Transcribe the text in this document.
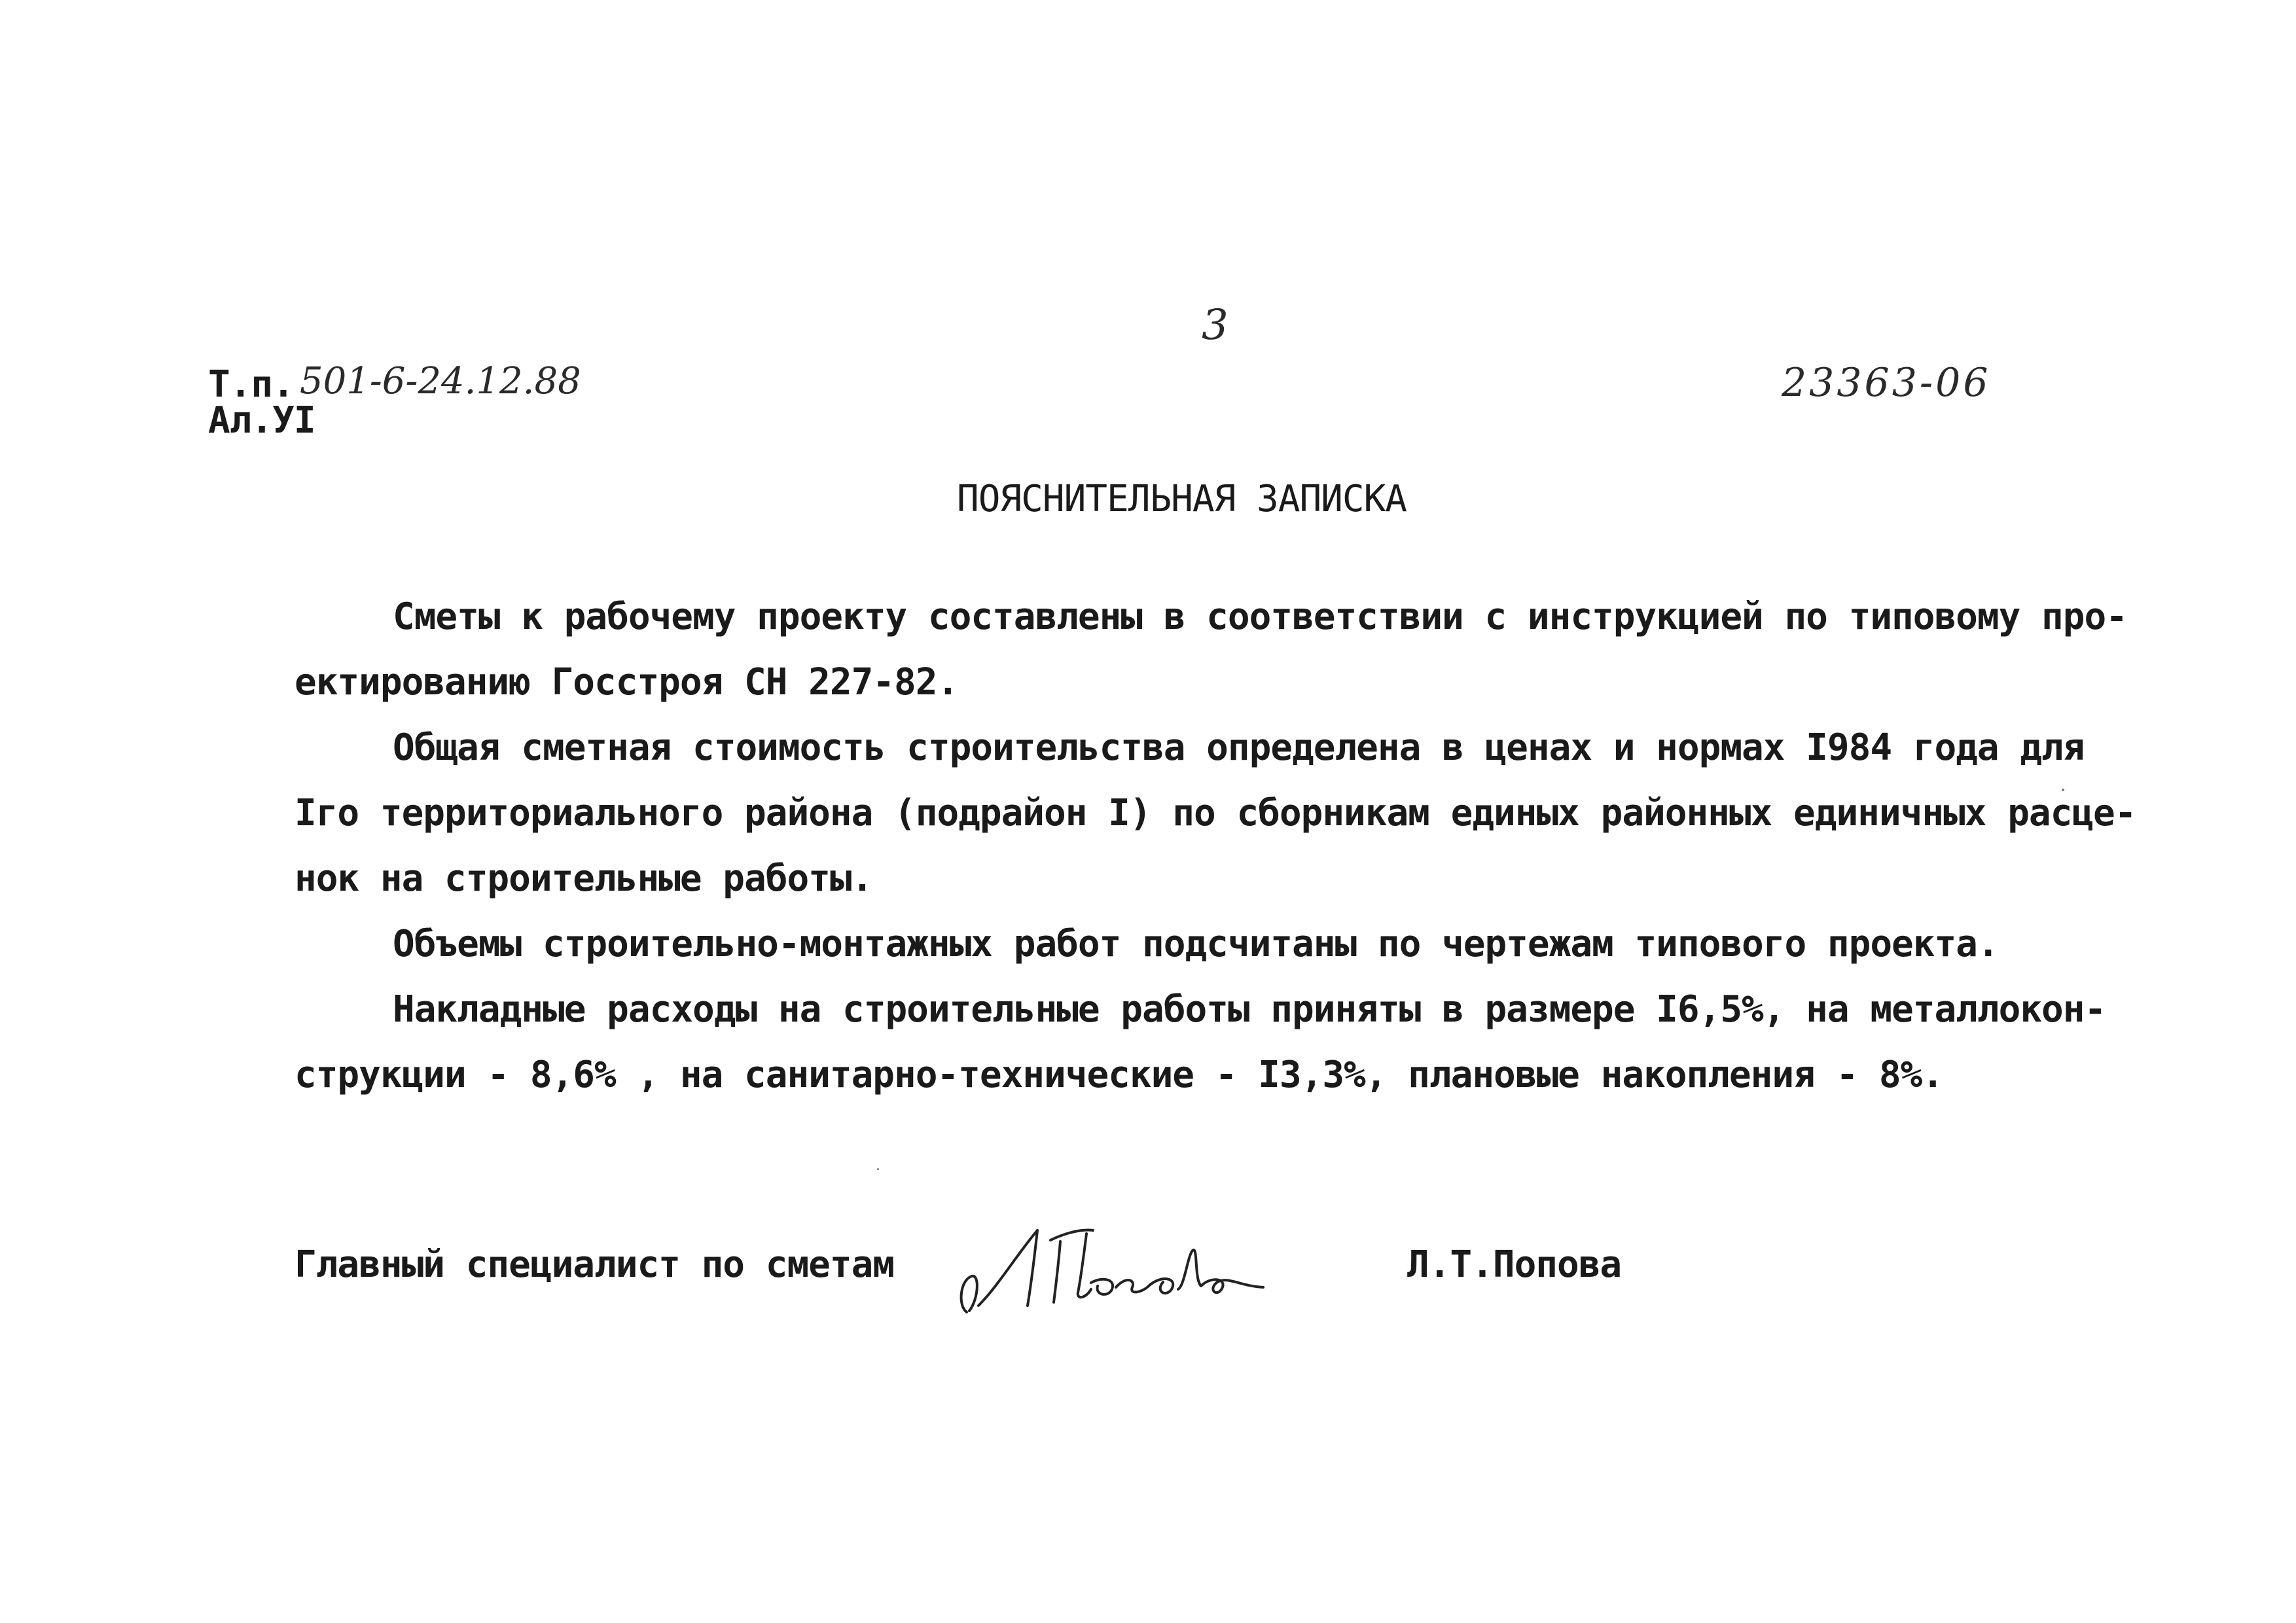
3
Т.п. 501-6-24.12.88
Ал.УI
23363-06
ПОЯСНИТЕЛЬНАЯ ЗАПИСКА
Сметы к рабочему проекту составлены в соответствии с инструкцией по типовому про-
ектированию Госстроя СН 227-82.
Общая сметная стоимость строительства определена в ценах и нормах I984 года для
Iго территориального района (подрайон I) по сборникам единых районных единичных расце-
нок на строительные работы.
Объемы строительно-монтажных работ подсчитаны по чертежам типового проекта.
Накладные расходы на строительные работы приняты в размере I6,5%, на металлокон-
струкции - 8,6% , на санитарно-технические - I3,3%, плановые накопления - 8%.
Главный специалист по сметам	Л.Т.Попова
